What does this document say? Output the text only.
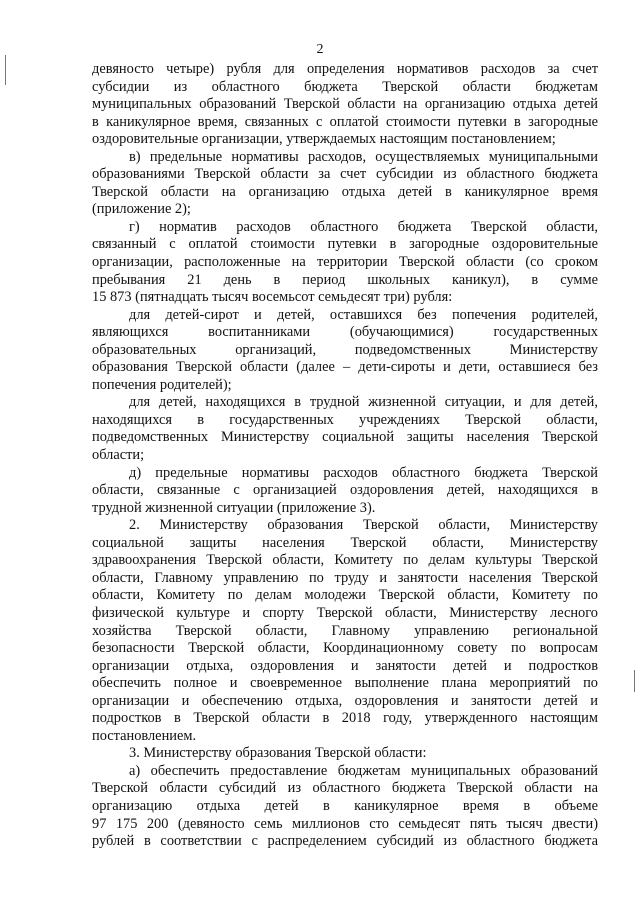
2
девяносто четыре) рубля для определения нормативов расходов за счет
субсидии из областного бюджета Тверской области бюджетам
муниципальных образований Тверской области на организацию отдыха детей
в каникулярное время, связанных с оплатой стоимости путевки в загородные
оздоровительные организации, утверждаемых настоящим постановлением;
в) предельные нормативы расходов, осуществляемых муниципальными
образованиями Тверской области за счет субсидии из областного бюджета
Тверской области на организацию отдыха детей в каникулярное время
(приложение 2);
г) норматив расходов областного бюджета Тверской области,
связанный с оплатой стоимости путевки в загородные оздоровительные
организации, расположенные на территории Тверской области (со сроком
пребывания 21 день в период школьных каникул), в сумме
15 873 (пятнадцать тысяч восемьсот семьдесят три) рубля:
для детей-сирот и детей, оставшихся без попечения родителей,
являющихся воспитанниками (обучающимися) государственных
образовательных организаций, подведомственных Министерству
образования Тверской области (далее – дети-сироты и дети, оставшиеся без
попечения родителей);
для детей, находящихся в трудной жизненной ситуации, и для детей,
находящихся в государственных учреждениях Тверской области,
подведомственных Министерству социальной защиты населения Тверской
области;
д) предельные нормативы расходов областного бюджета Тверской
области, связанные с организацией оздоровления детей, находящихся в
трудной жизненной ситуации (приложение 3).
2. Министерству образования Тверской области, Министерству
социальной защиты населения Тверской области, Министерству
здравоохранения Тверской области, Комитету по делам культуры Тверской
области, Главному управлению по труду и занятости населения Тверской
области, Комитету по делам молодежи Тверской области, Комитету по
физической культуре и спорту Тверской области, Министерству лесного
хозяйства Тверской области, Главному управлению региональной
безопасности Тверской области, Координационному совету по вопросам
организации отдыха, оздоровления и занятости детей и подростков
обеспечить полное и своевременное выполнение плана мероприятий по
организации и обеспечению отдыха, оздоровления и занятости детей и
подростков в Тверской области в 2018 году, утвержденного настоящим
постановлением.
3. Министерству образования Тверской области:
а) обеспечить предоставление бюджетам муниципальных образований
Тверской области субсидий из областного бюджета Тверской области на
организацию отдыха детей в каникулярное время в объеме
97 175 200 (девяносто семь миллионов сто семьдесят пять тысяч двести)
рублей в соответствии с распределением субсидий из областного бюджета
